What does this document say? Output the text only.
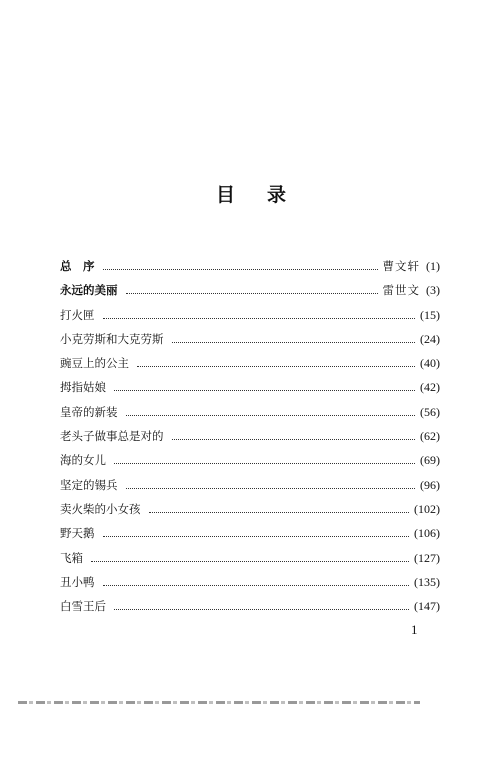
目 录
总　序	曹文轩 (1)
永远的美丽	雷世文 (3)
打火匣	(15)
小克劳斯和大克劳斯	(24)
豌豆上的公主	(40)
拇指姑娘	(42)
皇帝的新装	(56)
老头子做事总是对的	(62)
海的女儿	(69)
坚定的锡兵	(96)
卖火柴的小女孩	(102)
野天鹅	(106)
飞箱	(127)
丑小鸭	(135)
白雪王后	(147)
1
